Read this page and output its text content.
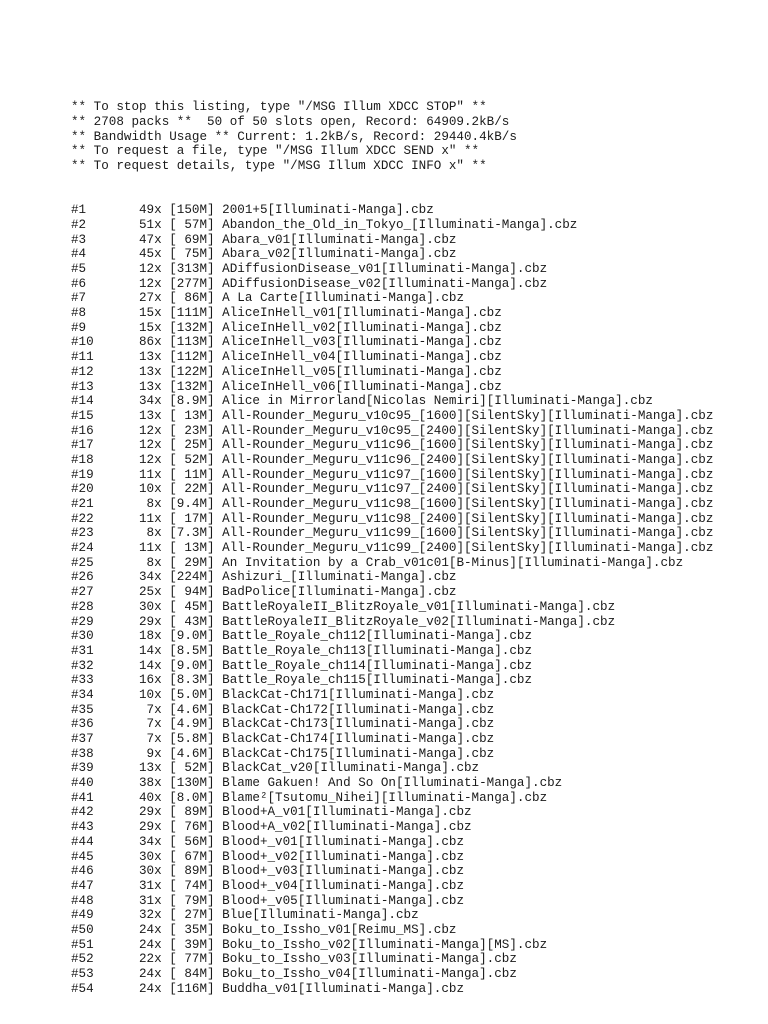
** To stop this listing, type "/MSG Illum XDCC STOP" **
** 2708 packs **  50 of 50 slots open, Record: 64909.2kB/s
** Bandwidth Usage ** Current: 1.2kB/s, Record: 29440.4kB/s
** To request a file, type "/MSG Illum XDCC SEND x" **
** To request details, type "/MSG Illum XDCC INFO x" **

#1	49x [150M] 2001+5[Illuminati-Manga].cbz
#2	51x [ 57M] Abandon_the_Old_in_Tokyo_[Illuminati-Manga].cbz
#3	47x [ 69M] Abara_v01[Illuminati-Manga].cbz
#4	45x [ 75M] Abara_v02[Illuminati-Manga].cbz
#5	12x [313M] ADiffusionDisease_v01[Illuminati-Manga].cbz
#6	12x [277M] ADiffusionDisease_v02[Illuminati-Manga].cbz
#7	27x [ 86M] A La Carte[Illuminati-Manga].cbz
#8	15x [111M] AliceInHell_v01[Illuminati-Manga].cbz
#9	15x [132M] AliceInHell_v02[Illuminati-Manga].cbz
#10	86x [113M] AliceInHell_v03[Illuminati-Manga].cbz
#11	13x [112M] AliceInHell_v04[Illuminati-Manga].cbz
#12	13x [122M] AliceInHell_v05[Illuminati-Manga].cbz
#13	13x [132M] AliceInHell_v06[Illuminati-Manga].cbz
#14	34x [8.9M] Alice in Mirrorland[Nicolas Nemiri][Illuminati-Manga].cbz
#15	13x [ 13M] All-Rounder_Meguru_v10c95_[1600][SilentSky][Illuminati-Manga].cbz
#16	12x [ 23M] All-Rounder_Meguru_v10c95_[2400][SilentSky][Illuminati-Manga].cbz
#17	12x [ 25M] All-Rounder_Meguru_v11c96_[1600][SilentSky][Illuminati-Manga].cbz
#18	12x [ 52M] All-Rounder_Meguru_v11c96_[2400][SilentSky][Illuminati-Manga].cbz
#19	11x [ 11M] All-Rounder_Meguru_v11c97_[1600][SilentSky][Illuminati-Manga].cbz
#20	10x [ 22M] All-Rounder_Meguru_v11c97_[2400][SilentSky][Illuminati-Manga].cbz
#21	8x [9.4M] All-Rounder_Meguru_v11c98_[1600][SilentSky][Illuminati-Manga].cbz
#22	11x [ 17M] All-Rounder_Meguru_v11c98_[2400][SilentSky][Illuminati-Manga].cbz
#23	8x [7.3M] All-Rounder_Meguru_v11c99_[1600][SilentSky][Illuminati-Manga].cbz
#24	11x [ 13M] All-Rounder_Meguru_v11c99_[2400][SilentSky][Illuminati-Manga].cbz
#25	8x [ 29M] An Invitation by a Crab_v01c01[B-Minus][Illuminati-Manga].cbz
#26	34x [224M] Ashizuri_[Illuminati-Manga].cbz
#27	25x [ 94M] BadPolice[Illuminati-Manga].cbz
#28	30x [ 45M] BattleRoyaleII_BlitzRoyale_v01[Illuminati-Manga].cbz
#29	29x [ 43M] BattleRoyaleII_BlitzRoyale_v02[Illuminati-Manga].cbz
#30	18x [9.0M] Battle_Royale_ch112[Illuminati-Manga].cbz
#31	14x [8.5M] Battle_Royale_ch113[Illuminati-Manga].cbz
#32	14x [9.0M] Battle_Royale_ch114[Illuminati-Manga].cbz
#33	16x [8.3M] Battle_Royale_ch115[Illuminati-Manga].cbz
#34	10x [5.0M] BlackCat-Ch171[Illuminati-Manga].cbz
#35	7x [4.6M] BlackCat-Ch172[Illuminati-Manga].cbz
#36	7x [4.9M] BlackCat-Ch173[Illuminati-Manga].cbz
#37	7x [5.8M] BlackCat-Ch174[Illuminati-Manga].cbz
#38	9x [4.6M] BlackCat-Ch175[Illuminati-Manga].cbz
#39	13x [ 52M] BlackCat_v20[Illuminati-Manga].cbz
#40	38x [130M] Blame Gakuen! And So On[Illuminati-Manga].cbz
#41	40x [8.0M] Blame²[Tsutomu_Nihei][Illuminati-Manga].cbz
#42	29x [ 89M] Blood+A_v01[Illuminati-Manga].cbz
#43	29x [ 76M] Blood+A_v02[Illuminati-Manga].cbz
#44	34x [ 56M] Blood+_v01[Illuminati-Manga].cbz
#45	30x [ 67M] Blood+_v02[Illuminati-Manga].cbz
#46	30x [ 89M] Blood+_v03[Illuminati-Manga].cbz
#47	31x [ 74M] Blood+_v04[Illuminati-Manga].cbz
#48	31x [ 79M] Blood+_v05[Illuminati-Manga].cbz
#49	32x [ 27M] Blue[Illuminati-Manga].cbz
#50	24x [ 35M] Boku_to_Issho_v01[Reimu_MS].cbz
#51	24x [ 39M] Boku_to_Issho_v02[Illuminati-Manga][MS].cbz
#52	22x [ 77M] Boku_to_Issho_v03[Illuminati-Manga].cbz
#53	24x [ 84M] Boku_to_Issho_v04[Illuminati-Manga].cbz
#54	24x [116M] Buddha_v01[Illuminati-Manga].cbz
